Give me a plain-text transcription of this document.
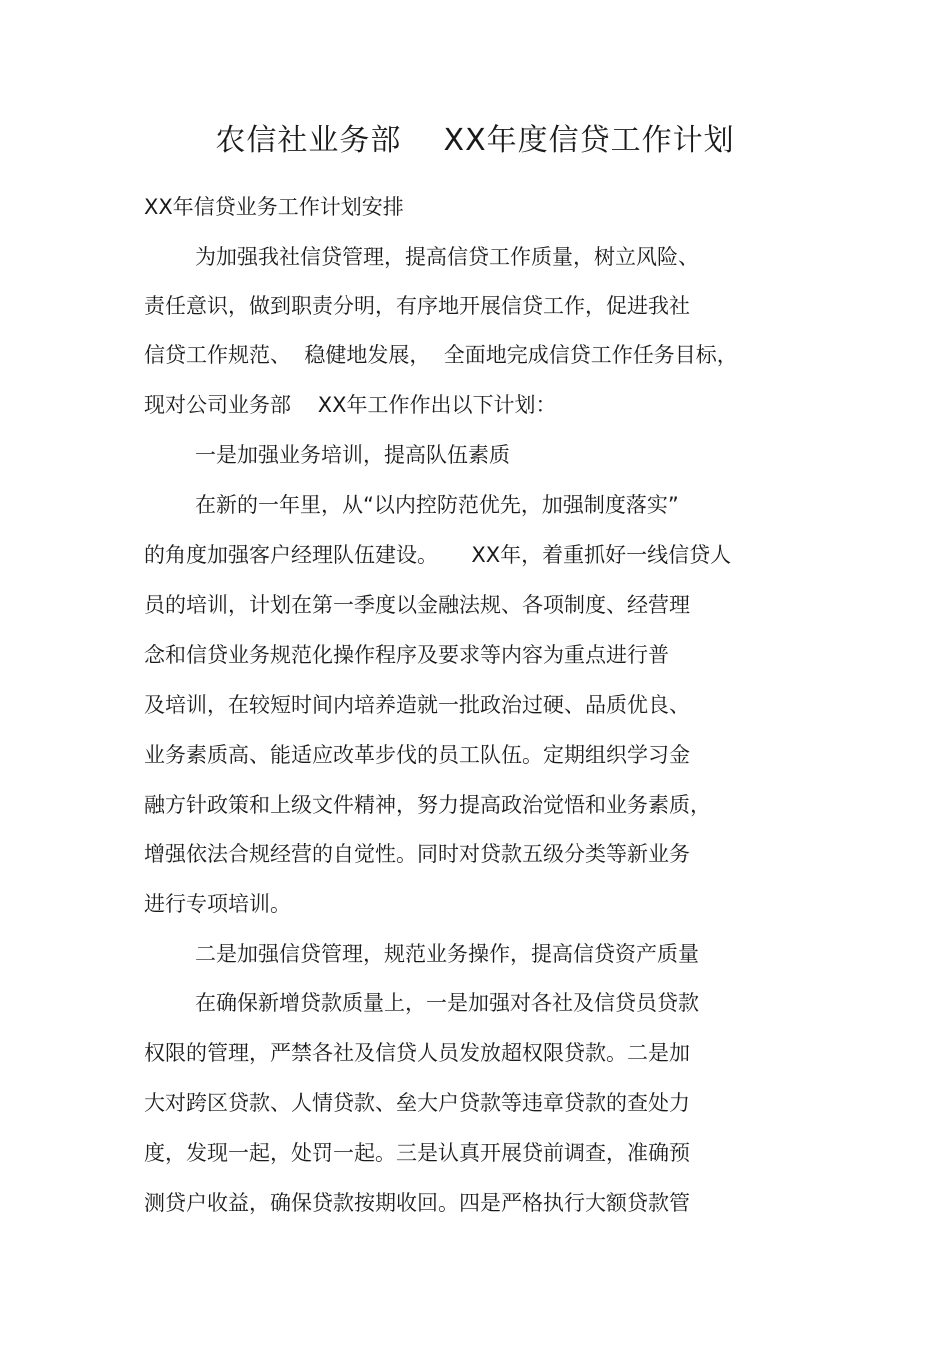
农信社业务部    XX年度信贷工作计划
XX年信贷业务工作计划安排
为加强我社信贷管理，提高信贷工作质量，树立风险、
责任意识，做到职责分明，有序地开展信贷工作，促进我社
信贷工作规范、  稳健地发展，  全面地完成信贷工作任务目标，
现对公司业务部    XX年工作作出以下计划：
一是加强业务培训，提高队伍素质
在新的一年里，从“以内控防范优先，加强制度落实”
的角度加强客户经理队伍建设。     XX年，着重抓好一线信贷人
员的培训，计划在第一季度以金融法规、各项制度、经营理
念和信贷业务规范化操作程序及要求等内容为重点进行普
及培训，在较短时间内培养造就一批政治过硬、品质优良、
业务素质高、能适应改革步伐的员工队伍。定期组织学习金
融方针政策和上级文件精神，努力提高政治觉悟和业务素质，
增强依法合规经营的自觉性。同时对贷款五级分类等新业务
进行专项培训。
二是加强信贷管理，规范业务操作，提高信贷资产质量
在确保新增贷款质量上，一是加强对各社及信贷员贷款
权限的管理，严禁各社及信贷人员发放超权限贷款。二是加
大对跨区贷款、人情贷款、垒大户贷款等违章贷款的查处力
度，发现一起，处罚一起。三是认真开展贷前调查，准确预
测贷户收益，确保贷款按期收回。四是严格执行大额贷款管
